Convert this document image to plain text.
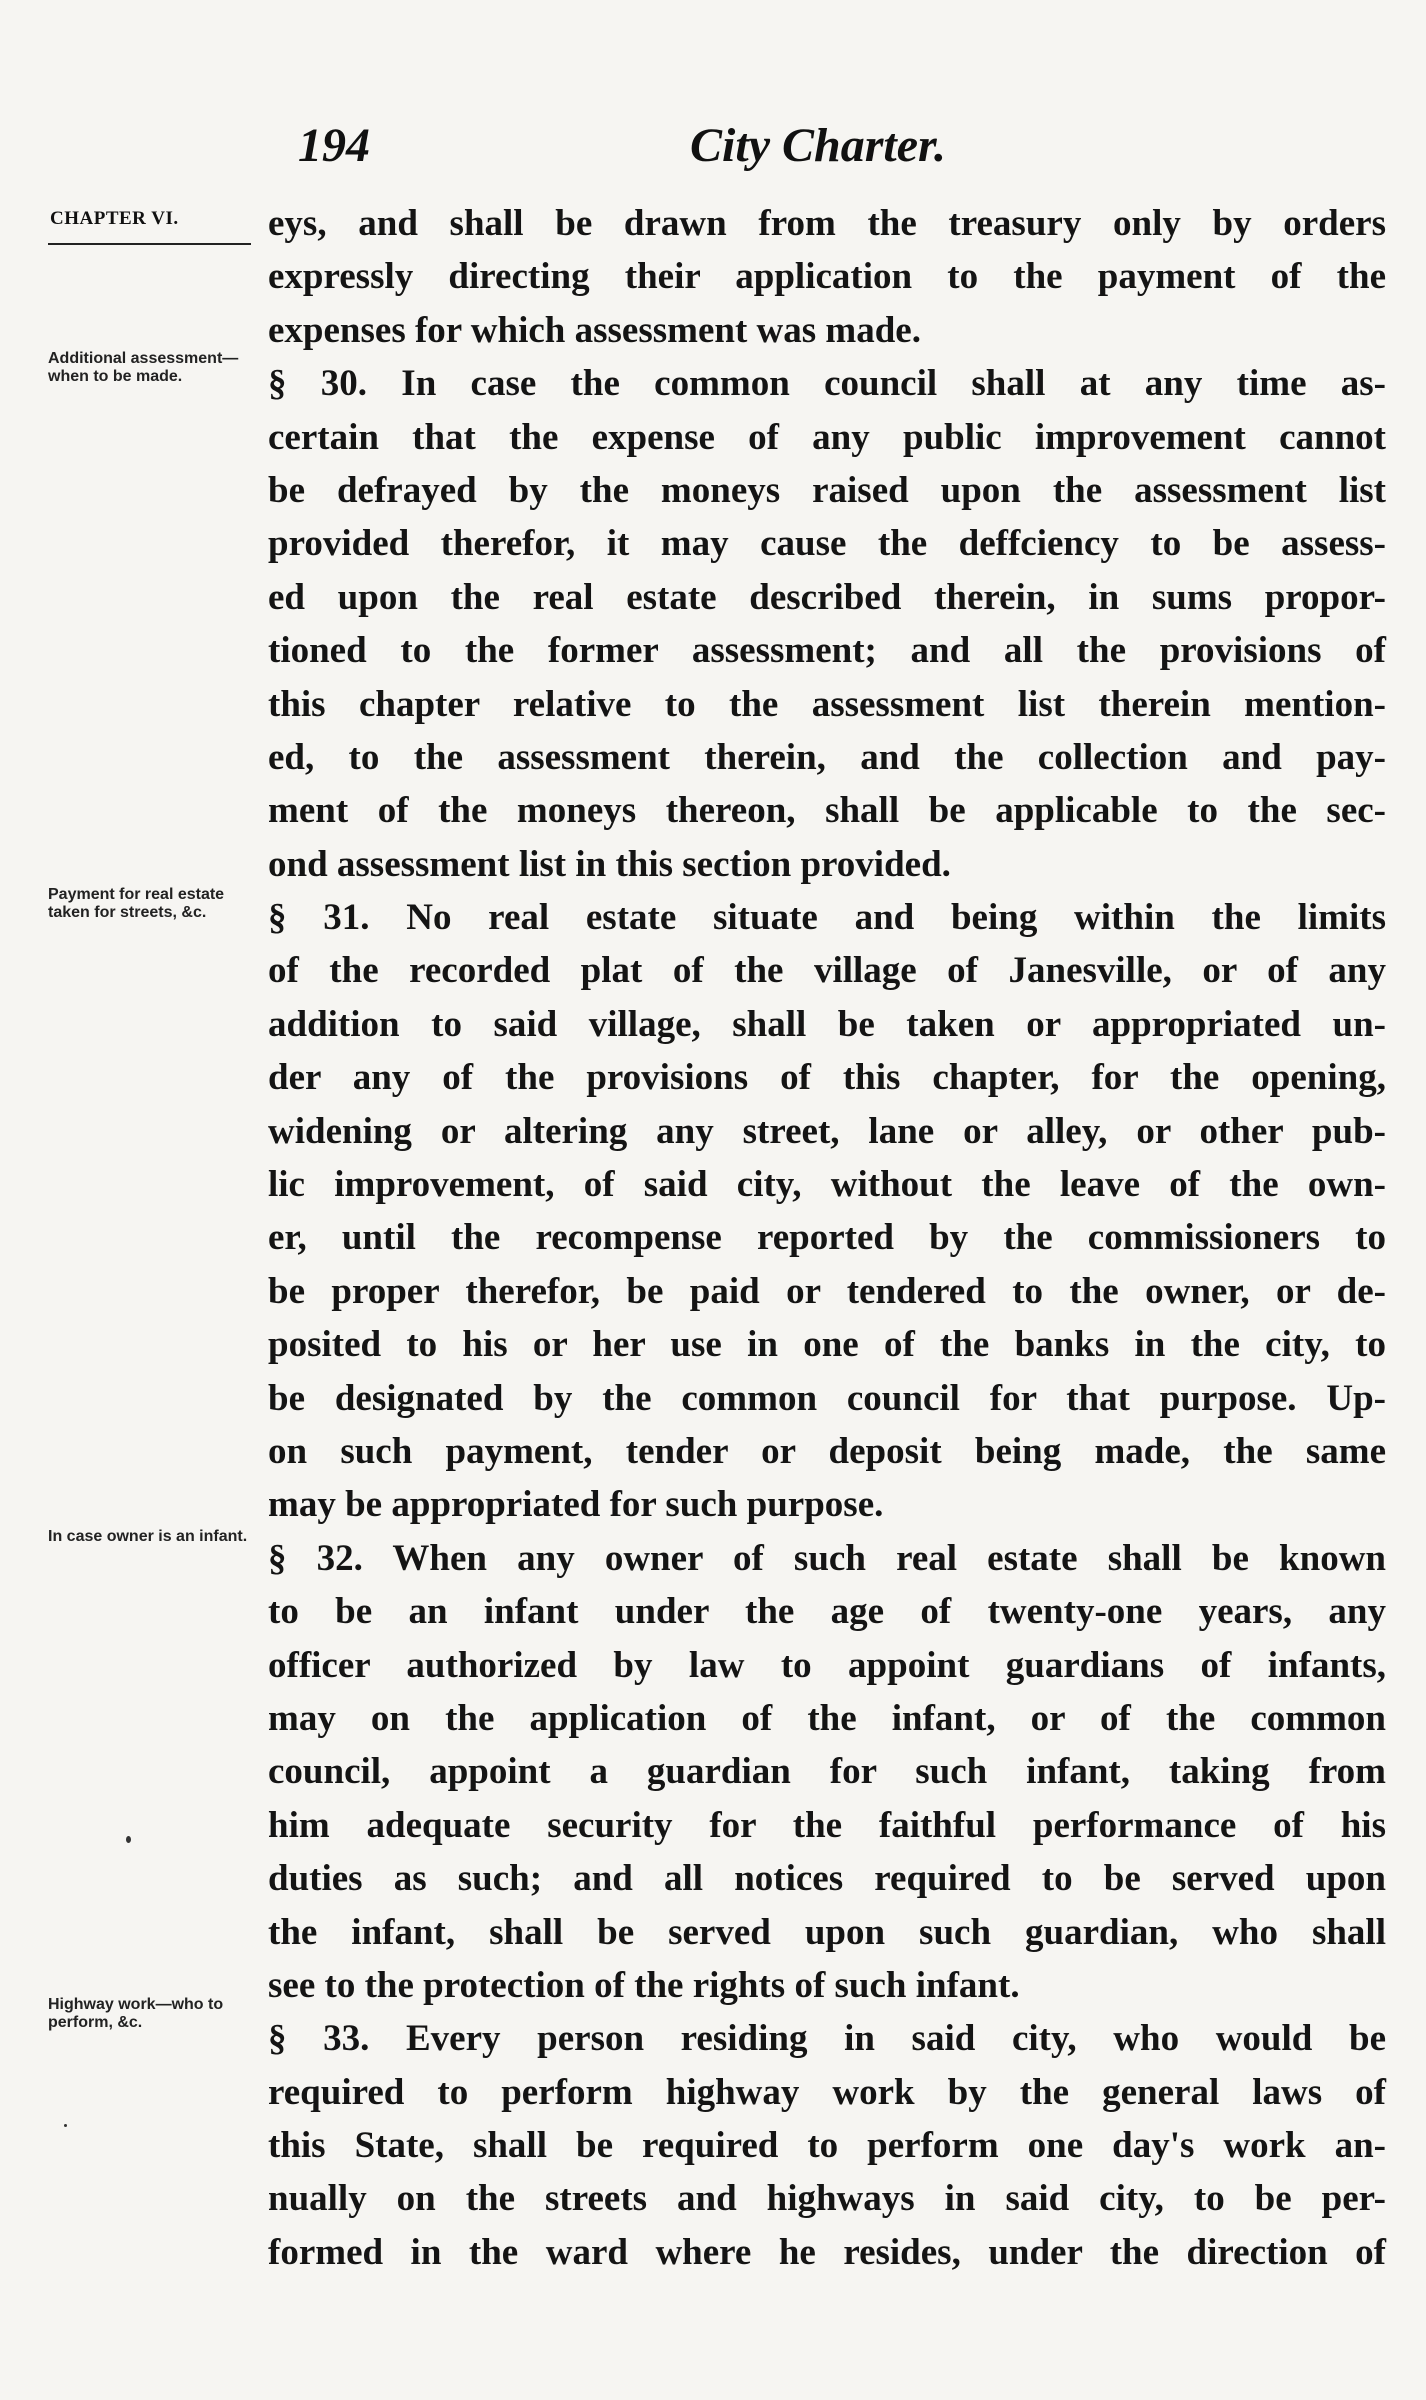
194	City Charter.
CHAPTER VI.
Additional assessment—when to be made.
Payment for real estate taken for streets, &c.
In case owner is an infant.
Highway work—who to perform, &c.
eys, and shall be drawn from the treasury only by orders
expressly directing their application to the payment of the
expenses for which assessment was made.
§ 30. In case the common council shall at any time as-
certain that the expense of any public improvement cannot
be defrayed by the moneys raised upon the assessment list
provided therefor, it may cause the deffciency to be assess-
ed upon the real estate described therein, in sums propor-
tioned to the former assessment; and all the provisions of
this chapter relative to the assessment list therein mention-
ed, to the assessment therein, and the collection and pay-
ment of the moneys thereon, shall be applicable to the sec-
ond assessment list in this section provided.
§ 31. No real estate situate and being within the limits
of the recorded plat of the village of Janesville, or of any
addition to said village, shall be taken or appropriated un-
der any of the provisions of this chapter, for the opening,
widening or altering any street, lane or alley, or other pub-
lic improvement, of said city, without the leave of the own-
er, until the recompense reported by the commissioners to
be proper therefor, be paid or tendered to the owner, or de-
posited to his or her use in one of the banks in the city, to
be designated by the common council for that purpose. Up-
on such payment, tender or deposit being made, the same
may be appropriated for such purpose.
§ 32. When any owner of such real estate shall be known
to be an infant under the age of twenty-one years, any
officer authorized by law to appoint guardians of infants,
may on the application of the infant, or of the common
council, appoint a guardian for such infant, taking from
him adequate security for the faithful performance of his
duties as such; and all notices required to be served upon
the infant, shall be served upon such guardian, who shall
see to the protection of the rights of such infant.
§ 33. Every person residing in said city, who would be
required to perform highway work by the general laws of
this State, shall be required to perform one day's work an-
nually on the streets and highways in said city, to be per-
formed in the ward where he resides, under the direction of
